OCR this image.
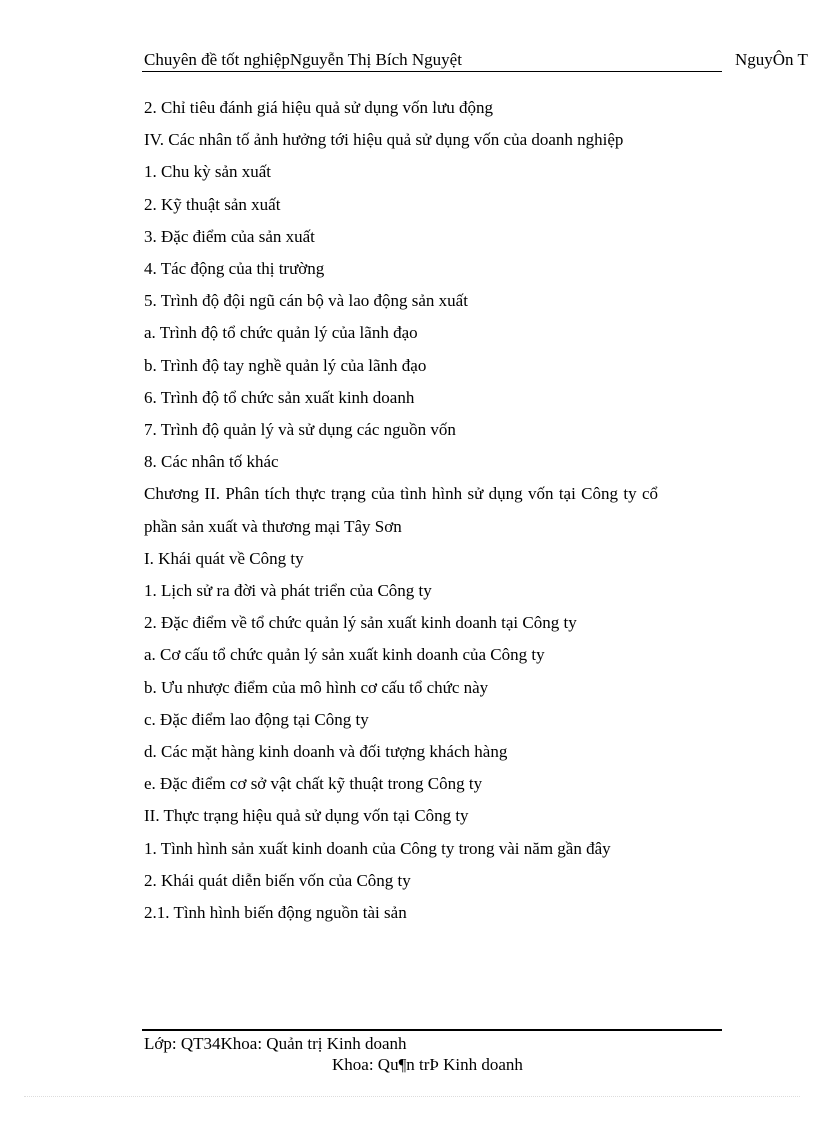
Chuyên đề tốt nghiệpNguyễn Thị Bích Nguyệt	NguyÔn T
2. Chỉ tiêu đánh giá hiệu quả sử dụng vốn lưu động
IV. Các nhân tố ảnh hưởng tới hiệu quả sử dụng vốn của doanh nghiệp
1. Chu kỳ sản xuất
2. Kỹ thuật sản xuất
3. Đặc điểm của sản xuất
4. Tác động của thị trường
5. Trình độ đội ngũ cán bộ và lao động sản xuất
a. Trình độ tổ chức quản lý của lãnh đạo
b. Trình độ tay nghề quản lý của lãnh đạo
6. Trình độ tổ chức sản xuất kinh doanh
7. Trình độ quản lý và sử dụng các nguồn vốn
8. Các nhân tố khác
Chương II. Phân tích thực trạng của tình hình sử dụng vốn tại Công ty cổ phần sản xuất và thương mại Tây Sơn
I. Khái quát về Công ty
1. Lịch sử ra đời và phát triển của Công ty
2. Đặc điểm về tổ chức quản lý sản xuất kinh doanh tại Công ty
a. Cơ cấu tổ chức quản lý sản xuất kinh doanh của Công ty
b. Ưu nhược điểm của mô hình cơ cấu tổ chức này
c. Đặc điểm lao động tại Công ty
d. Các mặt hàng kinh doanh và đối tượng khách hàng
e. Đặc điểm cơ sở vật chất kỹ thuật trong Công ty
II. Thực trạng hiệu quả sử dụng vốn tại Công ty
1. Tình hình sản xuất kinh doanh của Công ty trong vài năm gần đây
2. Khái quát diễn biến vốn của Công ty
2.1. Tình hình biến động nguồn tài sản
Lớp: QT34Khoa: Quản trị Kinh doanh
Khoa: Qu¶n trÞ Kinh doanh
